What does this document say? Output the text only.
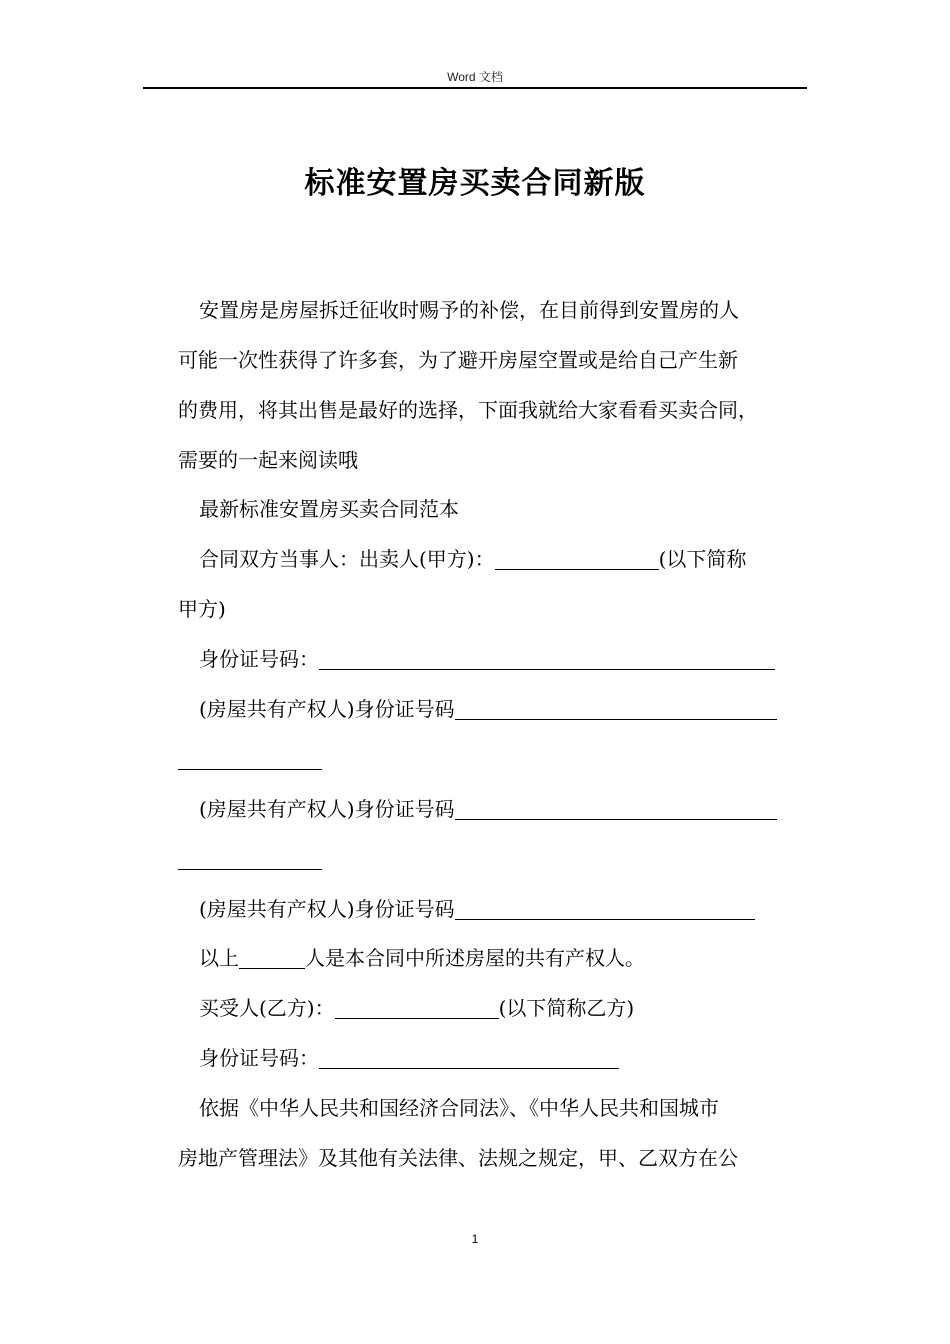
Word 文档
标准安置房买卖合同新版
安置房是房屋拆迁征收时赐予的补偿，在目前得到安置房的人
可能一次性获得了许多套，为了避开房屋空置或是给自己产生新
的费用，将其出售是最好的选择，下面我就给大家看看买卖合同，
需要的一起来阅读哦
最新标准安置房买卖合同范本
合同双方当事人：出卖人(甲方)：	(以下简称
甲方)
身份证号码：
(房屋共有产权人)身份证号码
(房屋共有产权人)身份证号码
(房屋共有产权人)身份证号码
以上	人是本合同中所述房屋的共有产权人。
买受人(乙方)：	(以下简称乙方)
身份证号码：
依据《中华人民共和国经济合同法》、《中华人民共和国城市
房地产管理法》及其他有关法律、法规之规定，甲、乙双方在公
1
